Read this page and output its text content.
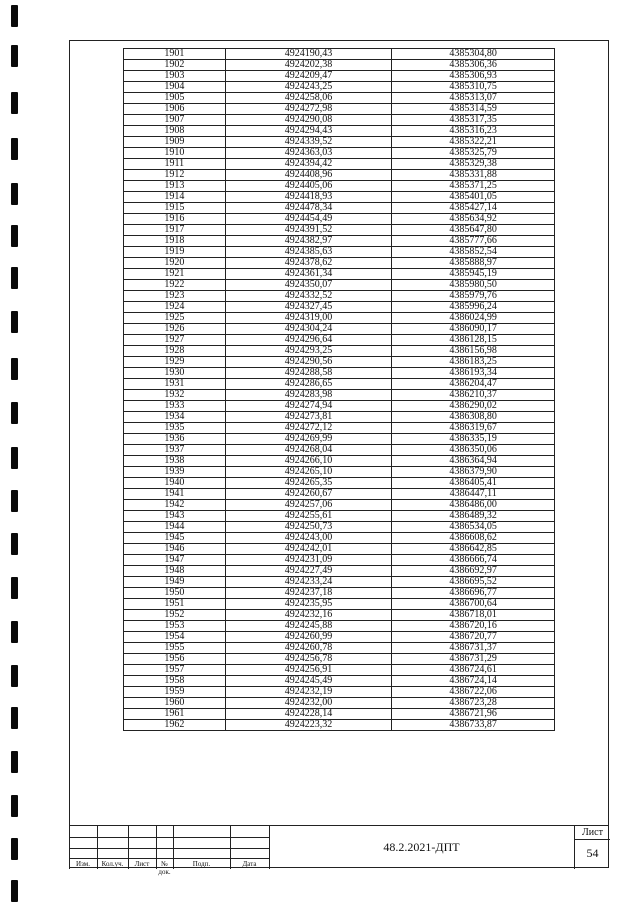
1901	4924190,43	4385304,80
1902	4924202,38	4385306,36
1903	4924209,47	4385306,93
1904	4924243,25	4385310,75
1905	4924258,06	4385313,07
1906	4924272,98	4385314,59
1907	4924290,08	4385317,35
1908	4924294,43	4385316,23
1909	4924339,52	4385322,21
1910	4924363,03	4385325,79
1911	4924394,42	4385329,38
1912	4924408,96	4385331,88
1913	4924405,06	4385371,25
1914	4924418,93	4385401,05
1915	4924478,34	4385427,14
1916	4924454,49	4385634,92
1917	4924391,52	4385647,80
1918	4924382,97	4385777,66
1919	4924385,63	4385852,54
1920	4924378,62	4385888,97
1921	4924361,34	4385945,19
1922	4924350,07	4385980,50
1923	4924332,52	4385979,76
1924	4924327,45	4385996,24
1925	4924319,00	4386024,99
1926	4924304,24	4386090,17
1927	4924296,64	4386128,15
1928	4924293,25	4386156,98
1929	4924290,56	4386183,25
1930	4924288,58	4386193,34
1931	4924286,65	4386204,47
1932	4924283,98	4386210,37
1933	4924274,94	4386290,02
1934	4924273,81	4386308,80
1935	4924272,12	4386319,67
1936	4924269,99	4386335,19
1937	4924268,04	4386350,06
1938	4924266,10	4386364,94
1939	4924265,10	4386379,90
1940	4924265,35	4386405,41
1941	4924260,67	4386447,11
1942	4924257,06	4386486,00
1943	4924255,61	4386489,32
1944	4924250,73	4386534,05
1945	4924243,00	4386608,62
1946	4924242,01	4386642,85
1947	4924231,09	4386666,74
1948	4924227,49	4386692,97
1949	4924233,24	4386695,52
1950	4924237,18	4386696,77
1951	4924235,95	4386700,64
1952	4924232,16	4386718,01
1953	4924245,88	4386720,16
1954	4924260,99	4386720,77
1955	4924260,78	4386731,37
1956	4924256,78	4386731,29
1957	4924256,91	4386724,61
1958	4924245,49	4386724,14
1959	4924232,19	4386722,06
1960	4924232,00	4386723,28
1961	4924228,14	4386721,96
1962	4924223,32	4386733,87
Изм.	Кол.уч.	Лист	№ док.
Подп.	Дата
48.2.2021-ДПТ
Лист
54
